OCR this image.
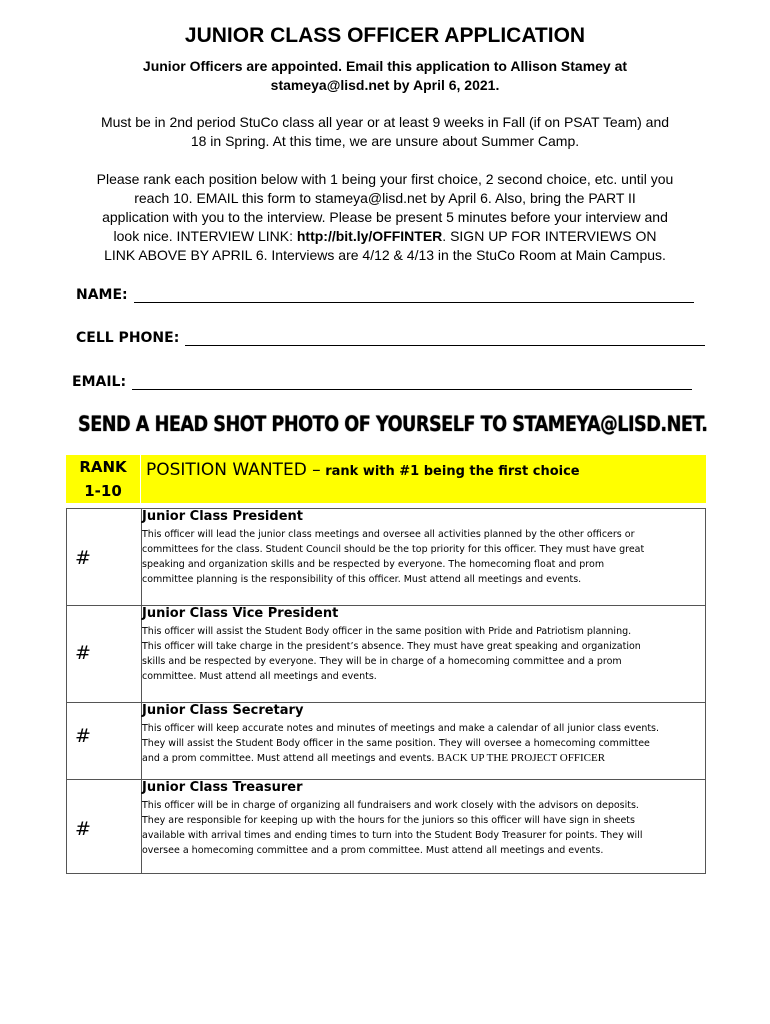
JUNIOR CLASS OFFICER APPLICATION
Junior Officers are appointed. Email this application to Allison Stamey at
stameya@lisd.net by April 6, 2021.
Must be in 2nd period StuCo class all year or at least 9 weeks in Fall (if on PSAT Team) and
18 in Spring. At this time, we are unsure about Summer Camp.
Please rank each position below with 1 being your first choice, 2 second choice, etc. until you
reach 10. EMAIL this form to stameya@lisd.net by April 6. Also, bring the PART II
application with you to the interview. Please be present 5 minutes before your interview and
look nice. INTERVIEW LINK: http://bit.ly/OFFINTER. SIGN UP FOR INTERVIEWS ON
LINK ABOVE BY APRIL 6. Interviews are 4/12 & 4/13 in the StuCo Room at Main Campus.
NAME:
CELL PHONE:
EMAIL:
SEND A HEAD SHOT PHOTO OF YOURSELF TO STAMEYA@LISD.NET.
RANK
1-10
POSITION WANTED – rank with #1 being the first choice
#	Junior Class President
This officer will lead the junior class meetings and oversee all activities planned by the other officers or
committees for the class. Student Council should be the top priority for this officer. They must have great
speaking and organization skills and be respected by everyone. The homecoming float and prom
committee planning is the responsibility of this officer. Must attend all meetings and events.

#	Junior Class Vice President
This officer will assist the Student Body officer in the same position with Pride and Patriotism planning.
This officer will take charge in the president’s absence. They must have great speaking and organization
skills and be respected by everyone. They will be in charge of a homecoming committee and a prom
committee. Must attend all meetings and events.

#	Junior Class Secretary
This officer will keep accurate notes and minutes of meetings and make a calendar of all junior class events.
They will assist the Student Body officer in the same position. They will oversee a homecoming committee
and a prom committee. Must attend all meetings and events. BACK UP THE PROJECT OFFICER

#	Junior Class Treasurer
This officer will be in charge of organizing all fundraisers and work closely with the advisors on deposits.
They are responsible for keeping up with the hours for the juniors so this officer will have sign in sheets
available with arrival times and ending times to turn into the Student Body Treasurer for points. They will
oversee a homecoming committee and a prom committee. Must attend all meetings and events.
